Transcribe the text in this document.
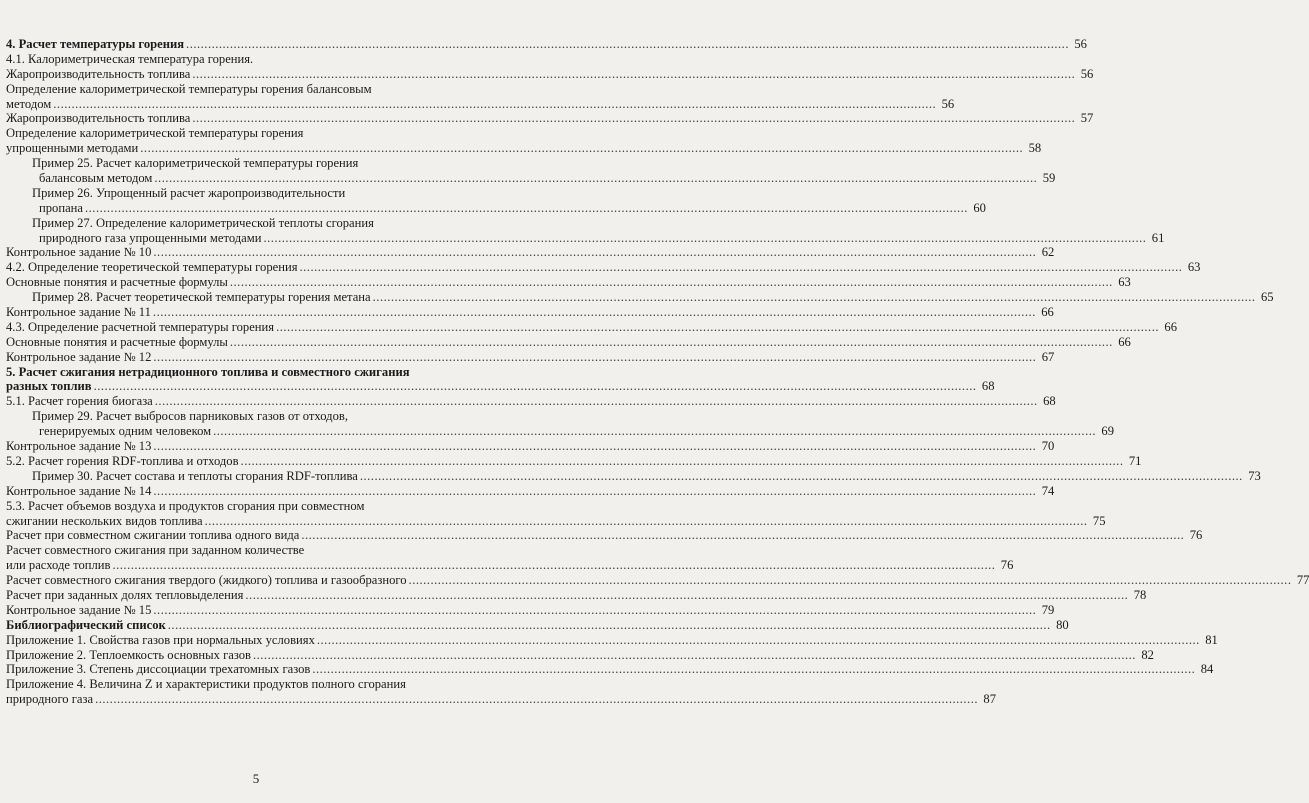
4. Расчет температуры горения .....	56
4.1. Калориметрическая температура горения.
Жаропроизводительность топлива .....	56
Определение калориметрической температуры горения балансовым
методом .....	56
Жаропроизводительность топлива .....	57
Определение калориметрической температуры горения
упрощенными методами .....	58
Пример 25. Расчет калориметрической температуры горения
балансовым методом .....	59
Пример 26. Упрощенный расчет жаропроизводительности
пропана .....	60
Пример 27. Определение калориметрической теплоты сгорания
природного газа упрощенными методами .....	61
Контрольное задание № 10 .....	62
4.2. Определение теоретической температуры горения .....	63
Основные понятия и расчетные формулы .....	63
Пример 28. Расчет теоретической температуры горения метана .....	65
Контрольное задание № 11 .....	66
4.3. Определение расчетной температуры горения .....	66
Основные понятия и расчетные формулы .....	66
Контрольное задание № 12 .....	67
5. Расчет сжигания нетрадиционного топлива и совместного сжигания
разных топлив .....	68
5.1. Расчет горения биогаза .....	68
Пример 29. Расчет выбросов парниковых газов от отходов,
генерируемых одним человеком .....	69
Контрольное задание № 13 .....	70
5.2. Расчет горения RDF-топлива и отходов .....	71
Пример 30. Расчет состава и теплоты сгорания RDF-топлива .....	73
Контрольное задание № 14 .....	74
5.3. Расчет объемов воздуха и продуктов сгорания при совместном
сжигании нескольких видов топлива .....	75
Расчет при совместном сжигании топлива одного вида .....	76
Расчет совместного сжигания при заданном количестве
или расходе топлив .....	76
Расчет совместного сжигания твердого (жидкого) топлива и газообразного .....	77
Расчет при заданных долях тепловыделения .....	78
Контрольное задание № 15 .....	79
Библиографический список .....	80
Приложение 1. Свойства газов при нормальных условиях .....	81
Приложение 2. Теплоемкость основных газов .....	82
Приложение 3. Степень диссоциации трехатомных газов .....	84
Приложение 4. Величина Z и характеристики продуктов полного сгорания
природного газа .....	87
5
